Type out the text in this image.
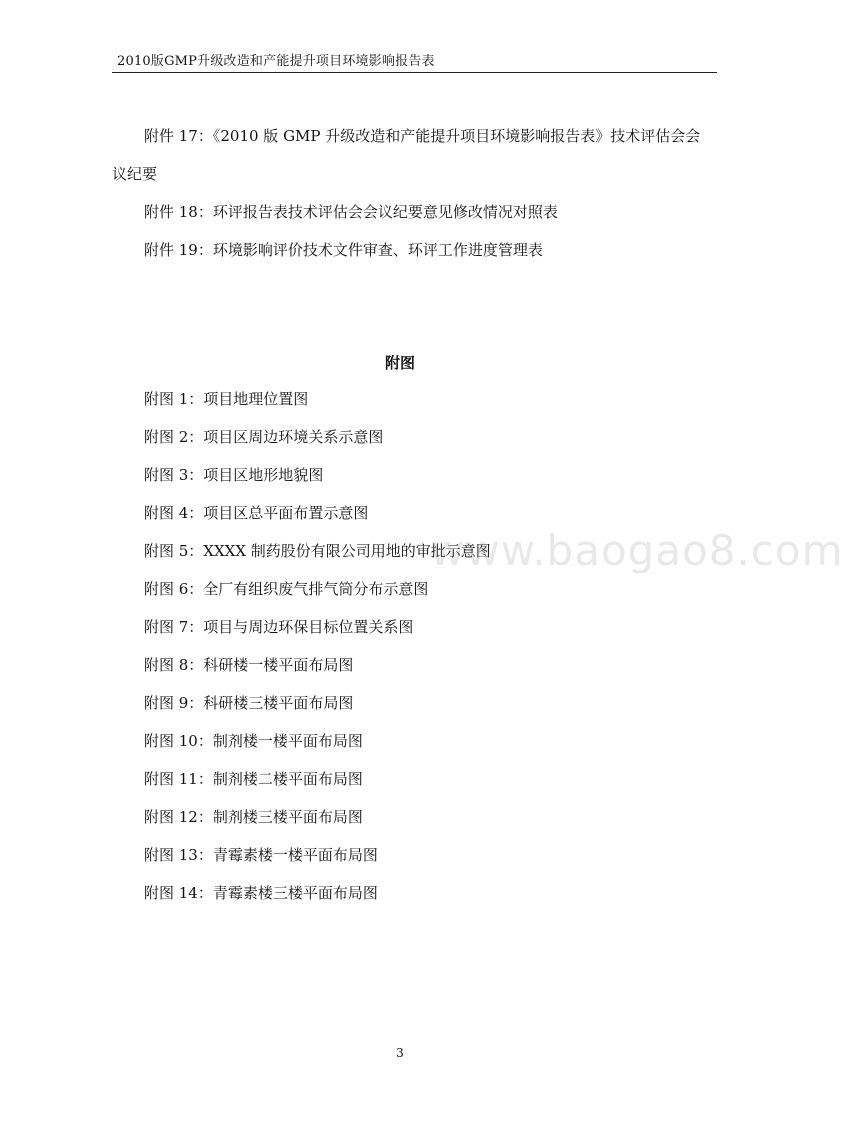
2010版GMP升级改造和产能提升项目环境影响报告表
附件 17：《2010 版 GMP 升级改造和产能提升项目环境影响报告表》技术评估会会
议纪要
附件 18：环评报告表技术评估会会议纪要意见修改情况对照表
附件 19：环境影响评价技术文件审查、环评工作进度管理表
附图
附图 1：项目地理位置图
附图 2：项目区周边环境关系示意图
附图 3：项目区地形地貌图
附图 4：项目区总平面布置示意图
附图 5：XXXX 制药股份有限公司用地的审批示意图
附图 6：全厂有组织废气排气筒分布示意图
附图 7：项目与周边环保目标位置关系图
附图 8：科研楼一楼平面布局图
附图 9：科研楼三楼平面布局图
附图 10：制剂楼一楼平面布局图
附图 11：制剂楼二楼平面布局图
附图 12：制剂楼三楼平面布局图
附图 13：青霉素楼一楼平面布局图
附图 14：青霉素楼三楼平面布局图
www.baogao8.com
3
